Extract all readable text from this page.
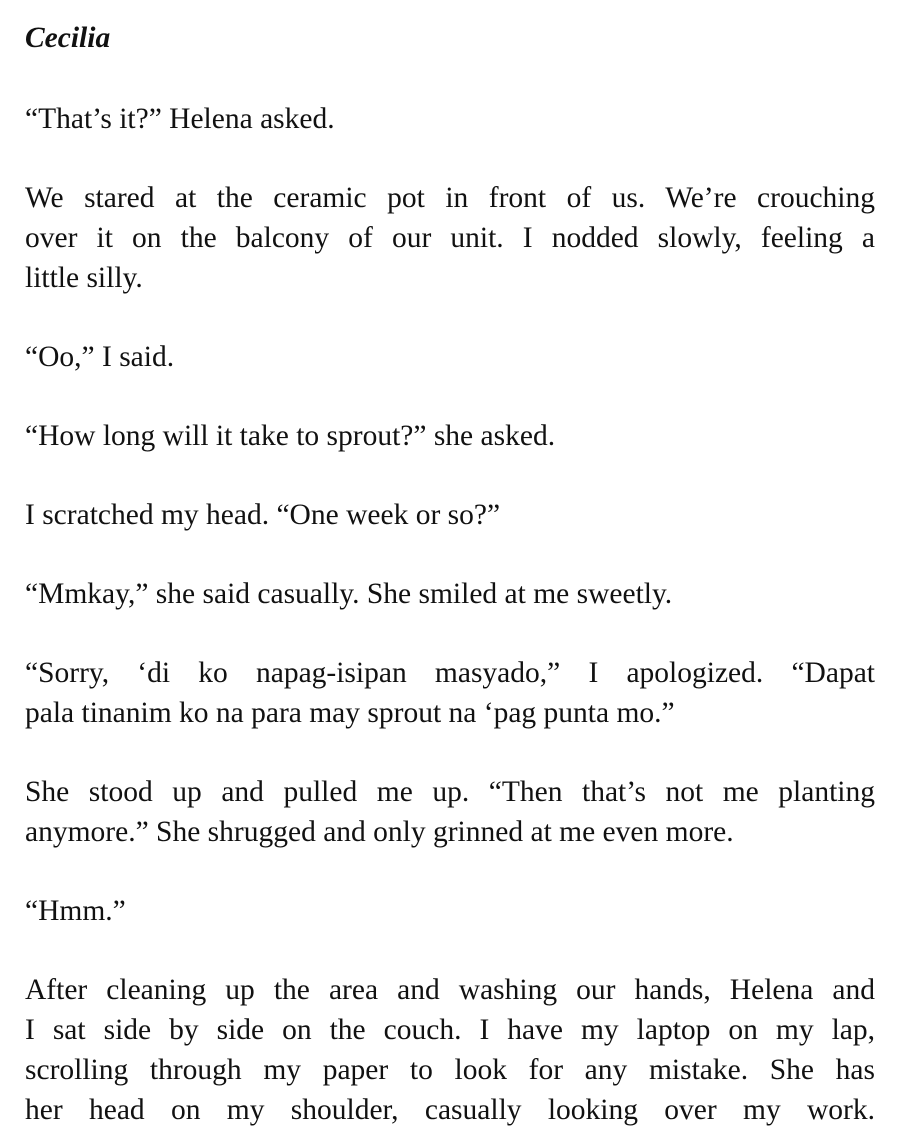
Cecilia
“That’s it?” Helena asked.
We stared at the ceramic pot in front of us. We’re crouching
over it on the balcony of our unit. I nodded slowly, feeling a
little silly.
“Oo,” I said.
“How long will it take to sprout?” she asked.
I scratched my head. “One week or so?”
“Mmkay,” she said casually. She smiled at me sweetly.
“Sorry, ‘di ko napag-isipan masyado,” I apologized. “Dapat
pala tinanim ko na para may sprout na ‘pag punta mo.”
She stood up and pulled me up. “Then that’s not me planting
anymore.” She shrugged and only grinned at me even more.
“Hmm.”
After cleaning up the area and washing our hands, Helena and
I sat side by side on the couch. I have my laptop on my lap,
scrolling through my paper to look for any mistake. She has
her head on my shoulder, casually looking over my work.
